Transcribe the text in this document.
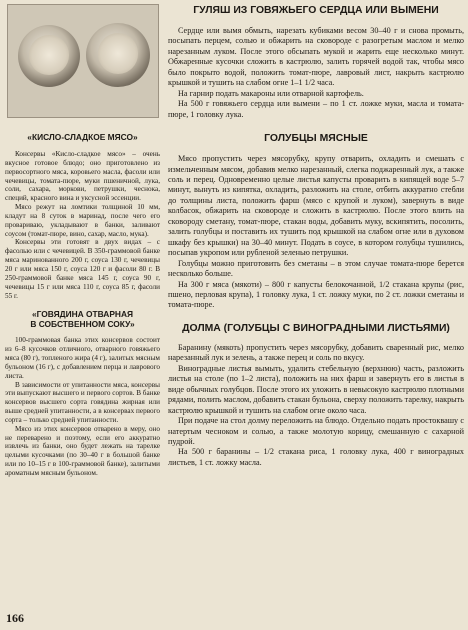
«КИСЛО-СЛАДКОЕ МЯСО»

Консервы «Кисло-сладкое мясо» – очень вкусное готовое блюдо; оно приготовлено из первосортного мяса, коровьего масла, фасоли или чечевицы, томата-пюре, муки пшеничной, лука, соли, сахара, моркови, петрушки, чеснока, специй, красного вина и уксусной эссенции.

Мясо режут на ломтики толщиной 10 мм, кладут на 8 суток в маринад, после чего его провариваю, укладывают в банки, заливают соусом (томат-пюре, вино, сахар, масло, мука).

Консервы эти готовят в двух видах – с фасолью или с чечевицей. В 350-граммовой банке мяса маринованного 200 г, соуса 130 г, чечевицы 20 г или мяса 150 г, соуса 120 г и фасоли 80 г. В 250-граммовой банке мяса 145 г, соуса 90 г, чечевицы 15 г или мяса 110 г, соуса 85 г, фасоли 55 г.

«ГОВЯДИНА ОТВАРНАЯ
В СОБСТВЕННОМ СОКУ»

100-граммовая банка этих консервов состоит из 6–8 кусочков отличного, отварного говяжьего мяса (80 г), топленого жира (4 г), залитых мясным бульоном (16 г), с добавлением перца и лаврового листа.

В зависимости от упитанности мяса, консервы эти выпускают высшего и первого сортов. В банке консервов высшего сорта говядина жирная или выше средней упитанности, а в консервах первого сорта – только средней упитанности.

Мясо из этих консервов отварено в меру, оно не переварено и поэтому, если его аккуратно извлечь из банки, оно будет лежать на тарелке целыми кусочками (по 30–40 г в большой банке или по 10–15 г в 100-граммовой банке), залитыми ароматным мясным бульоном.

ГУЛЯШ ИЗ ГОВЯЖЬЕГО СЕРДЦА ИЛИ ВЫМЕНИ

Сердце или вымя обмыть, нарезать кубиками весом 30–40 г и снова промыть, посыпать перцем, солью и обжарить на сковороде с разогретым маслом и мелко нарезанным луком. После этого обсыпать мукой и жарить еще несколько минут. Обжаренные кусочки сложить в кастрюлю, залить горячей водой так, чтобы мясо было покрыто водой, положить томат-пюре, лавровый лист, накрыть кастрюлю крышкой и тушить на слабом огне 1–1 1/2 часа.

На гарнир подать макароны или отварной картофель.

На 500 г говяжьего сердца или вымени – по 1 ст. ложке муки, масла и томата-пюре, 1 головку лука.

ГОЛУБЦЫ МЯСНЫЕ

Мясо пропустить через мясорубку, крупу отварить, охладить и смешать с измельченным мясом, добавив мелко нарезанный, слегка поджаренный лук, а также соль и перец. Одновременно целые листья капусты проварить в кипящей воде 5–7 минут, вынуть из кипятка, охладить, разложить на столе, отбить аккуратно стебли до толщины листа, положить фарш (мясо с крупой и луком), завернуть в виде колбасок, обжарить на сковороде и сложить в кастрюлю. После этого влить на сковороду сметану, томат-пюре, стакан воды, добавить муку, вскипятить, посолить, залить голубцы и поставить их тушить под крышкой на слабом огне или в духовом шкафу без крышки) на 30–40 минут. Подать в соусе, в котором голубцы тушились, посыпав укропом или рубленой зеленью петрушки.

Голубцы можно приготовить без сметаны – в этом случае томата-пюре берется несколько больше.

На 300 г мяса (мякоти) – 800 г капусты белокочанной, 1/2 стакана крупы (рис, пшено, перловая крупа), 1 головку лука, 1 ст. ложку муки, по 2 ст. ложки сметаны и томата-пюре.

ДОЛМА (ГОЛУБЦЫ С ВИНОГРАДНЫМИ ЛИСТЬЯМИ)

Баранину (мякоть) пропустить через мясорубку, добавить сваренный рис, мелко нарезанный лук и зелень, а также перец и соль по вкусу.

Виноградные листья вымыть, удалить стебельную (верхнюю) часть, разложить листья на столе (по 1–2 листа), положить на них фарш и завернуть его в листья в виде обычных голубцов. После этого их уложить в невысокую кастрюлю плотными рядами, полить маслом, добавить стакан бульона, сверху положить тарелку, накрыть кастрюлю крышкой и тушить на слабом огне около часа.

При подаче на стол долму переложить на блюдо. Отдельно подать простоквашу с натертым чесноком и солью, а также молотую корицу, смешанную с сахарной пудрой.

На 500 г баранины – 1/2 стакана риса, 1 головку лука, 400 г виноградных листьев, 1 ст. ложку масла.

166
